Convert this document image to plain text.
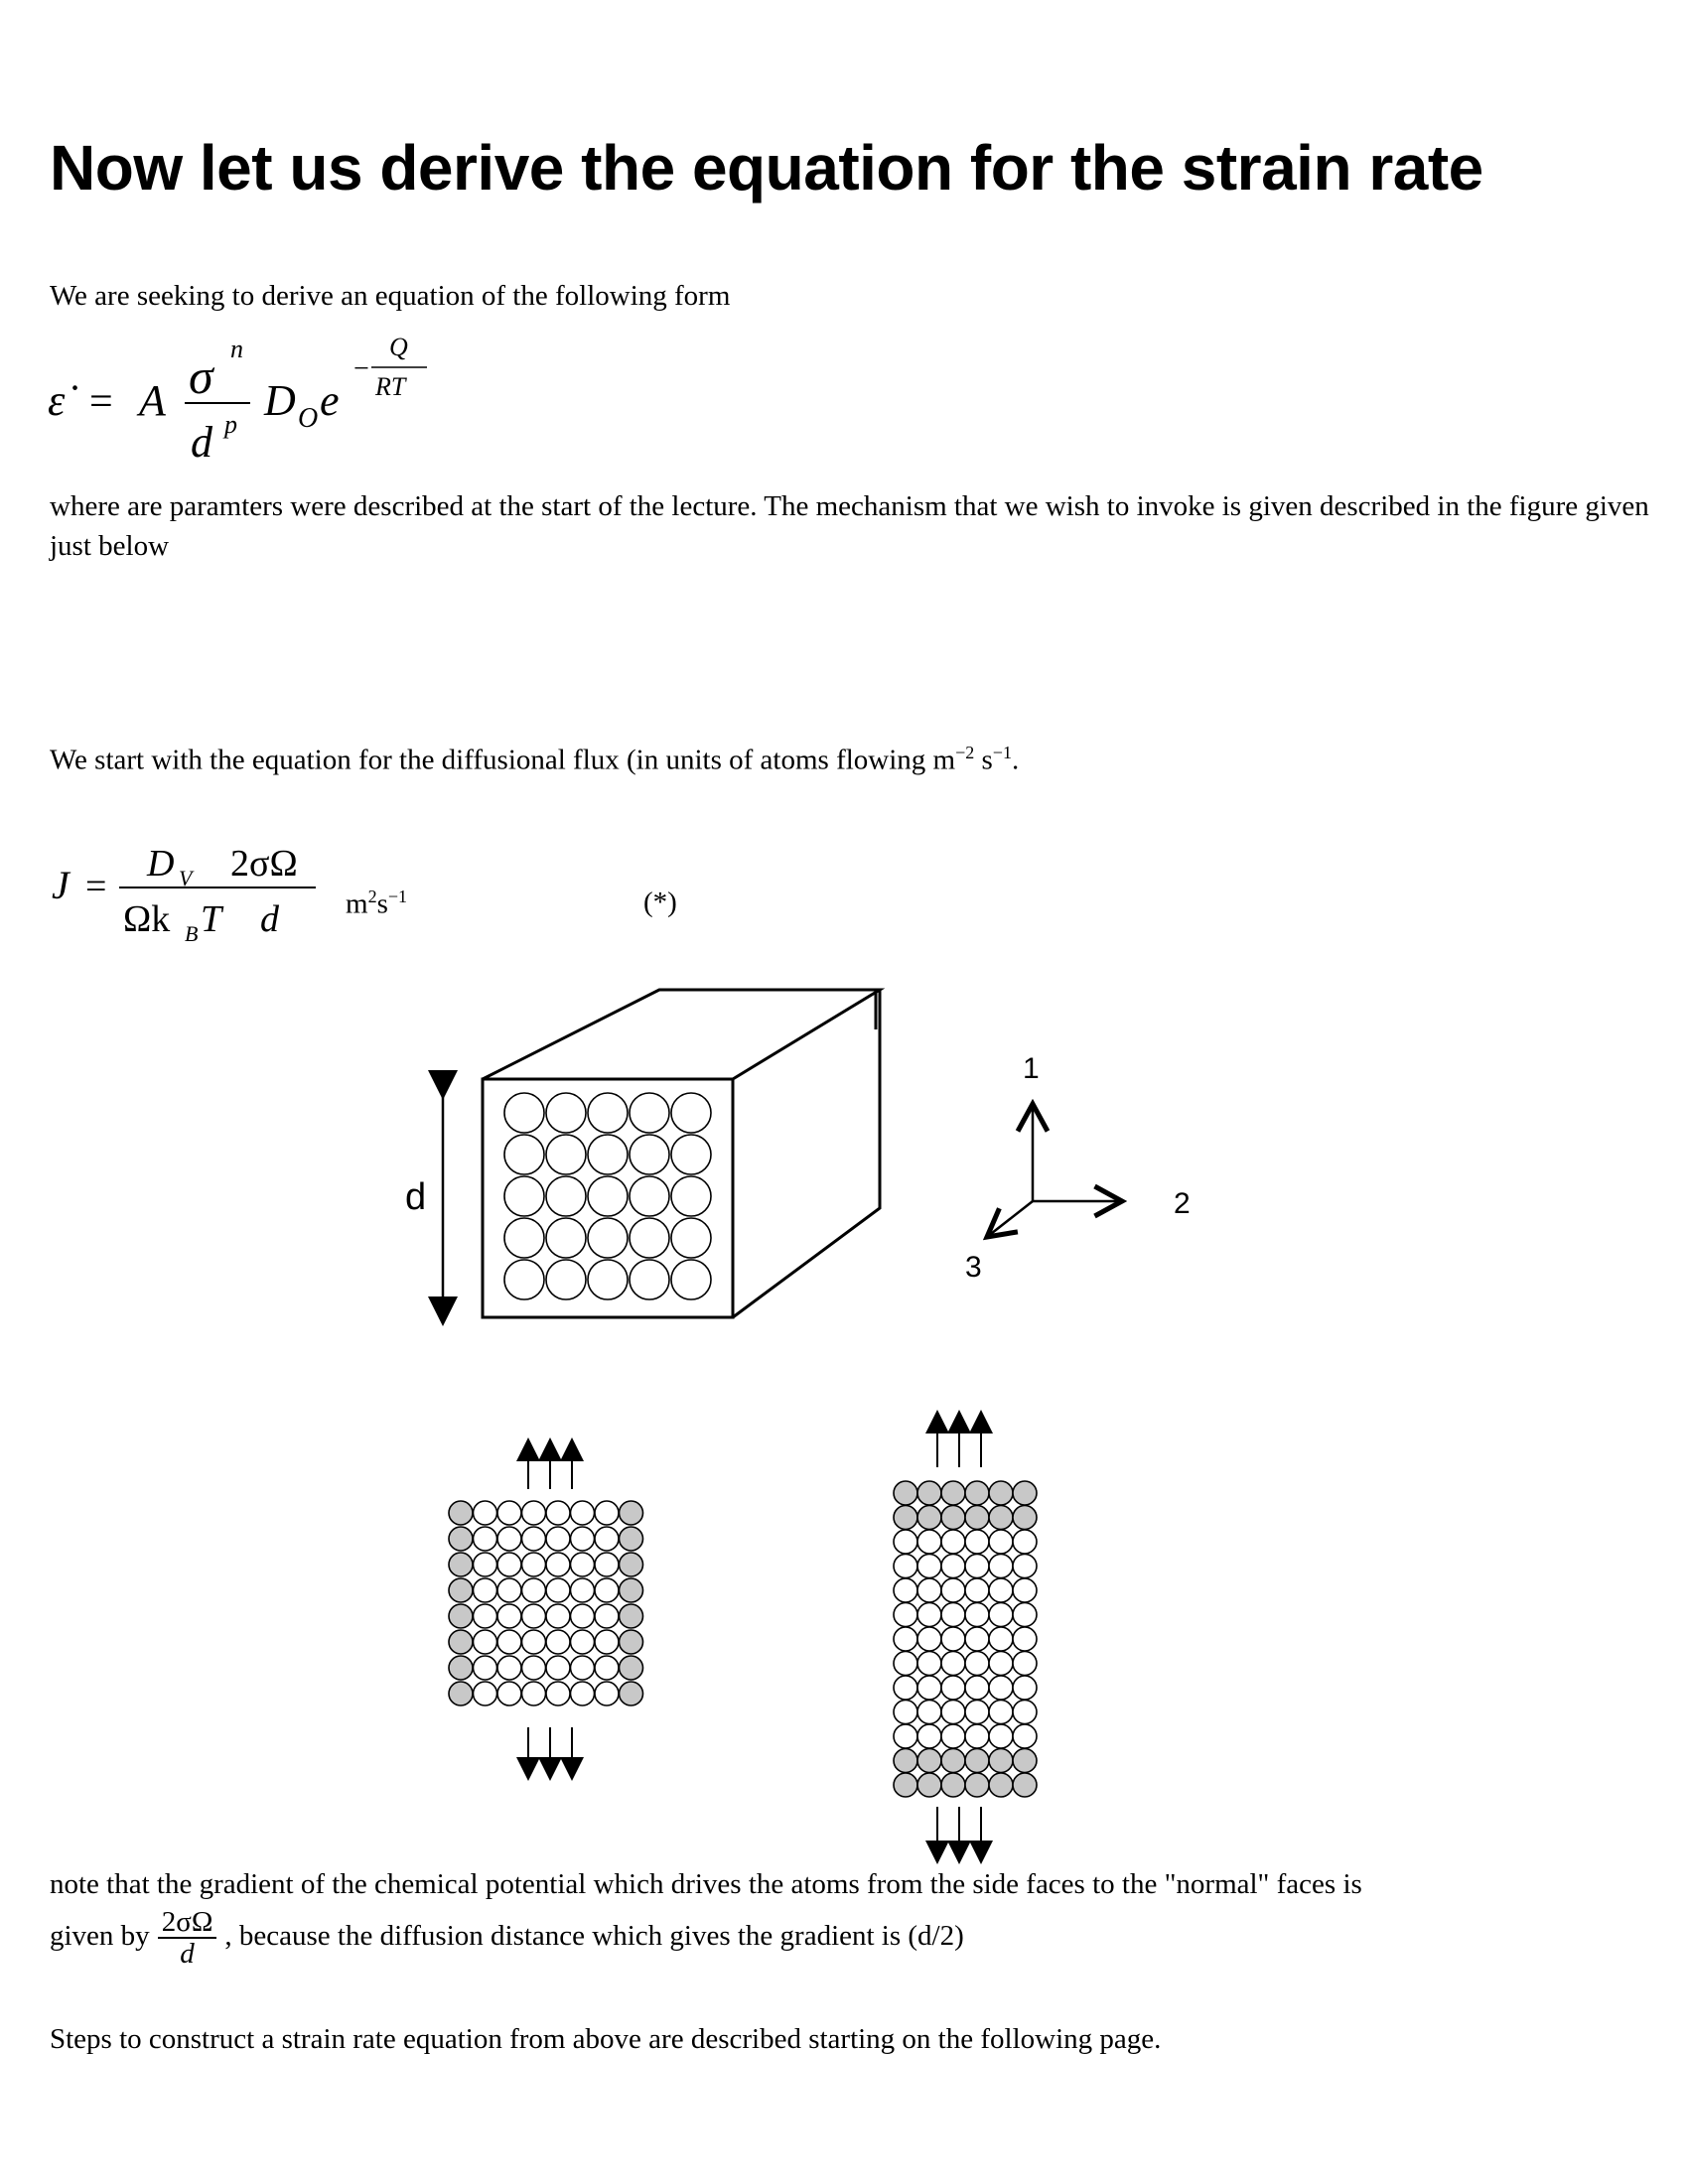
Now let us derive the equation for the strain rate

We are seeking to derive an equation of the following form

ε̇ = A σ n
d p D O e
−
Q
RT

where are paramters were described at the start of the lecture. The mechanism that we wish to invoke is given described in the figure given just below

We start with the equation for the diffusional flux (in units of atoms flowing $m^{-2}$ $s^{-1}$.

J =
D V 2σΩ
Ωk B T d $m^2s^{-1}$	(*)
d
1
2
3

note that the gradient of the chemical potential which drives the atoms from the side faces to the "normal" faces is

given by $\frac{2\sigma\Omega}{d}$ , because the diffusion distance which gives the gradient is (d/2)

Steps to construct a strain rate equation from above are described starting on the following page.
